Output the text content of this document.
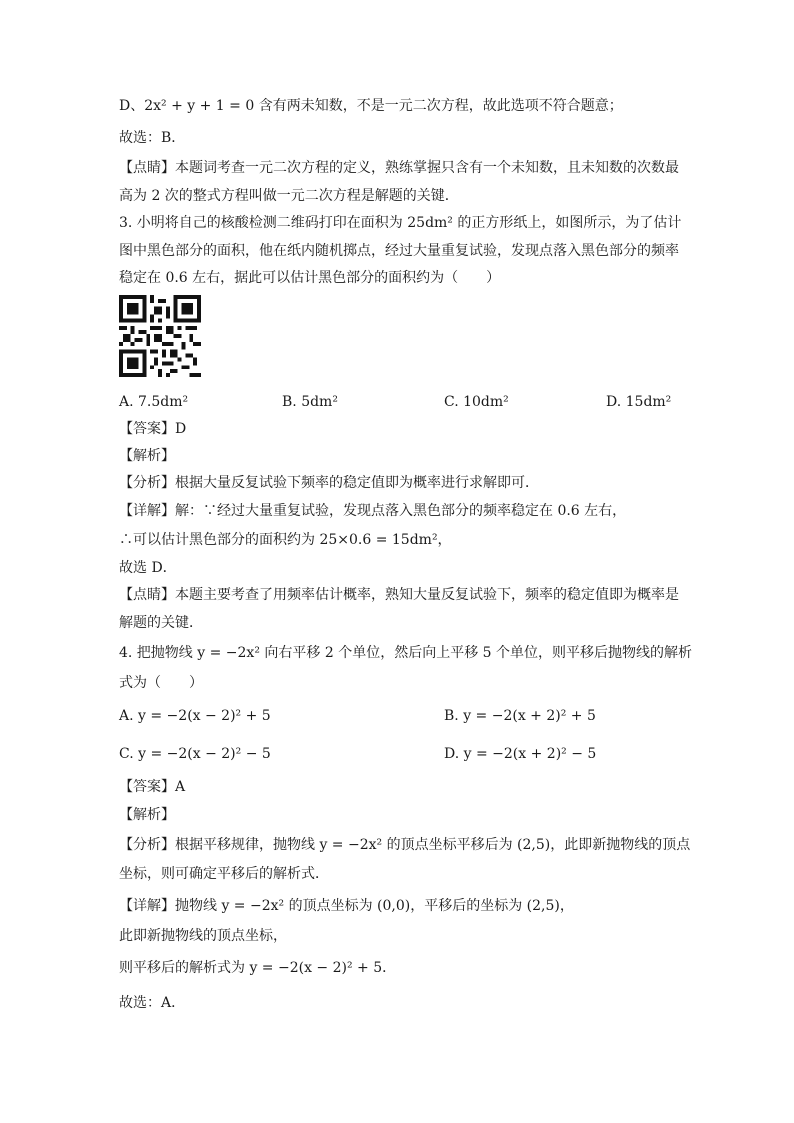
D、2x² + y + 1 = 0 含有两未知数，不是一元二次方程，故此选项不符合题意；
故选：B．
【点睛】本题词考查一元二次方程的定义，熟练掌握只含有一个未知数，且未知数的次数最
高为 2 次的整式方程叫做一元二次方程是解题的关键．
3. 小明将自己的核酸检测二维码打印在面积为 25dm² 的正方形纸上，如图所示，为了估计
图中黑色部分的面积，他在纸内随机掷点，经过大量重复试验，发现点落入黑色部分的频率
稳定在 0.6 左右，据此可以估计黑色部分的面积约为（　　）
A. 7.5dm²	B. 5dm²	C. 10dm²	D. 15dm²
【答案】D
【解析】
【分析】根据大量反复试验下频率的稳定值即为概率进行求解即可．
【详解】解：∵经过大量重复试验，发现点落入黑色部分的频率稳定在 0.6 左右，
∴可以估计黑色部分的面积约为 25×0.6 = 15dm²，
故选 D．
【点睛】本题主要考查了用频率估计概率，熟知大量反复试验下，频率的稳定值即为概率是
解题的关键．
4. 把抛物线 y = −2x² 向右平移 2 个单位，然后向上平移 5 个单位，则平移后抛物线的解析
式为（　　）
A. y = −2(x − 2)² + 5	B. y = −2(x + 2)² + 5
C. y = −2(x − 2)² − 5	D. y = −2(x + 2)² − 5
【答案】A
【解析】
【分析】根据平移规律，抛物线 y = −2x² 的顶点坐标平移后为 (2,5)，此即新抛物线的顶点
坐标，则可确定平移后的解析式．
【详解】抛物线 y = −2x² 的顶点坐标为 (0,0)，平移后的坐标为 (2,5)，
此即新抛物线的顶点坐标，
则平移后的解析式为 y = −2(x − 2)² + 5．
故选：A．
